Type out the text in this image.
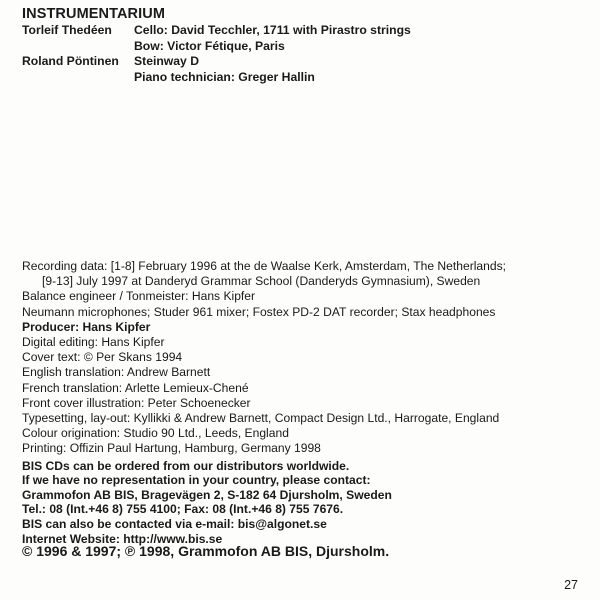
INSTRUMENTARIUM
Torleif Thedéen	Cello: David Tecchler, 1711 with Pirastro strings
Bow: Victor Fétique, Paris
Roland Pöntinen	Steinway D
Piano technician: Greger Hallin
Recording data: [1-8] February 1996 at the de Waalse Kerk, Amsterdam, The Netherlands;
[9-13] July 1997 at Danderyd Grammar School (Danderyds Gymnasium), Sweden
Balance engineer / Tonmeister: Hans Kipfer
Neumann microphones; Studer 961 mixer; Fostex PD-2 DAT recorder; Stax headphones
Producer: Hans Kipfer
Digital editing: Hans Kipfer
Cover text: © Per Skans 1994
English translation: Andrew Barnett
French translation: Arlette Lemieux-Chené
Front cover illustration: Peter Schoenecker
Typesetting, lay-out: Kyllikki & Andrew Barnett, Compact Design Ltd., Harrogate, England
Colour origination: Studio 90 Ltd., Leeds, England
Printing: Offizin Paul Hartung, Hamburg, Germany 1998
BIS CDs can be ordered from our distributors worldwide.
If we have no representation in your country, please contact:
Grammofon AB BIS, Bragevägen 2, S-182 64 Djursholm, Sweden
Tel.: 08 (Int.+46 8) 755 4100; Fax: 08 (Int.+46 8) 755 7676.
BIS can also be contacted via e-mail: bis@algonet.se
Internet Website: http://www.bis.se
© 1996 & 1997; ℗ 1998, Grammofon AB BIS, Djursholm.
27
